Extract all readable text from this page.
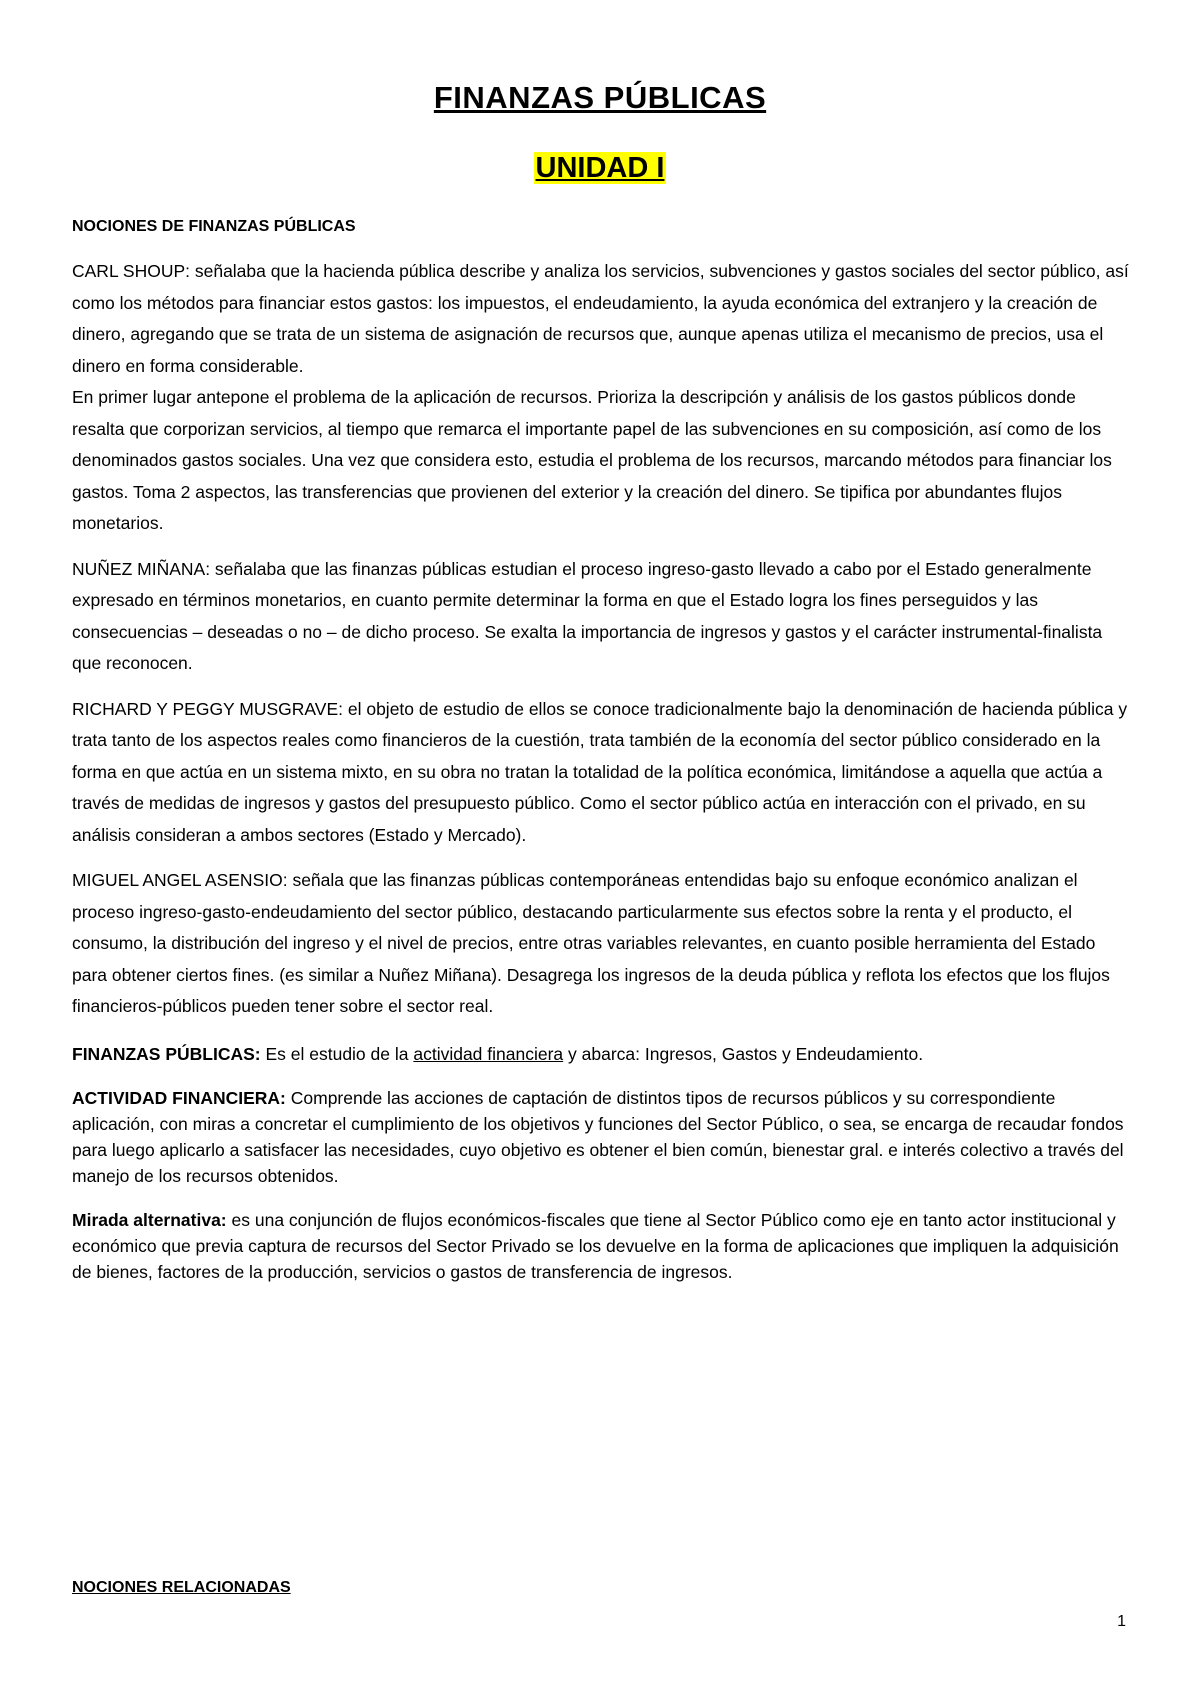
FINANZAS PÚBLICAS
UNIDAD I

NOCIONES DE FINANZAS PÚBLICAS

CARL SHOUP: señalaba que la hacienda pública describe y analiza los servicios, subvenciones y gastos sociales del sector público, así como los métodos para financiar estos gastos: los impuestos, el endeudamiento, la ayuda económica del extranjero y la creación de dinero, agregando que se trata de un sistema de asignación de recursos que, aunque apenas utiliza el mecanismo de precios, usa el dinero en forma considerable.

En primer lugar antepone el problema de la aplicación de recursos. Prioriza la descripción y análisis de los gastos públicos donde resalta que corporizan servicios, al tiempo que remarca el importante papel de las subvenciones en su composición, así como de los denominados gastos sociales. Una vez que considera esto, estudia el problema de los recursos, marcando métodos para financiar los gastos. Toma 2 aspectos, las transferencias que provienen del exterior y la creación del dinero. Se tipifica por abundantes flujos monetarios.

NUÑEZ MIÑANA: señalaba que las finanzas públicas estudian el proceso ingreso-gasto llevado a cabo por el Estado generalmente expresado en términos monetarios, en cuanto permite determinar la forma en que el Estado logra los fines perseguidos y las consecuencias – deseadas o no – de dicho proceso. Se exalta la importancia de ingresos y gastos y el carácter instrumental-finalista que reconocen.

RICHARD Y PEGGY MUSGRAVE: el objeto de estudio de ellos se conoce tradicionalmente bajo la denominación de hacienda pública y trata tanto de los aspectos reales como financieros de la cuestión, trata también de la economía del sector público considerado en la forma en que actúa en un sistema mixto, en su obra no tratan la totalidad de la política económica, limitándose a aquella que actúa a través de medidas de ingresos y gastos del presupuesto público. Como el sector público actúa en interacción con el privado, en su análisis consideran a ambos sectores (Estado y Mercado).

MIGUEL ANGEL ASENSIO: señala que las finanzas públicas contemporáneas entendidas bajo su enfoque económico analizan el proceso ingreso-gasto-endeudamiento del sector público, destacando particularmente sus efectos sobre la renta y el producto, el consumo, la distribución del ingreso y el nivel de precios, entre otras variables relevantes, en cuanto posible herramienta del Estado para obtener ciertos fines. (es similar a Nuñez Miñana). Desagrega los ingresos de la deuda pública y reflota los efectos que los flujos financieros-públicos pueden tener sobre el sector real.

FINANZAS PÚBLICAS: Es el estudio de la actividad financiera y abarca: Ingresos, Gastos y Endeudamiento.

ACTIVIDAD FINANCIERA: Comprende las acciones de captación de distintos tipos de recursos públicos y su correspondiente aplicación, con miras a concretar el cumplimiento de los objetivos y funciones del Sector Público, o sea, se encarga de recaudar fondos para luego aplicarlo a satisfacer las necesidades, cuyo objetivo es obtener el bien común, bienestar gral. e interés colectivo a través del manejo de los recursos obtenidos.

Mirada alternativa: es una conjunción de flujos económicos-fiscales que tiene al Sector Público como eje en tanto actor institucional y económico que previa captura de recursos del Sector Privado se los devuelve en la forma de aplicaciones que impliquen la adquisición de bienes, factores de la producción, servicios o gastos de transferencia de ingresos.

NOCIONES RELACIONADAS
1
